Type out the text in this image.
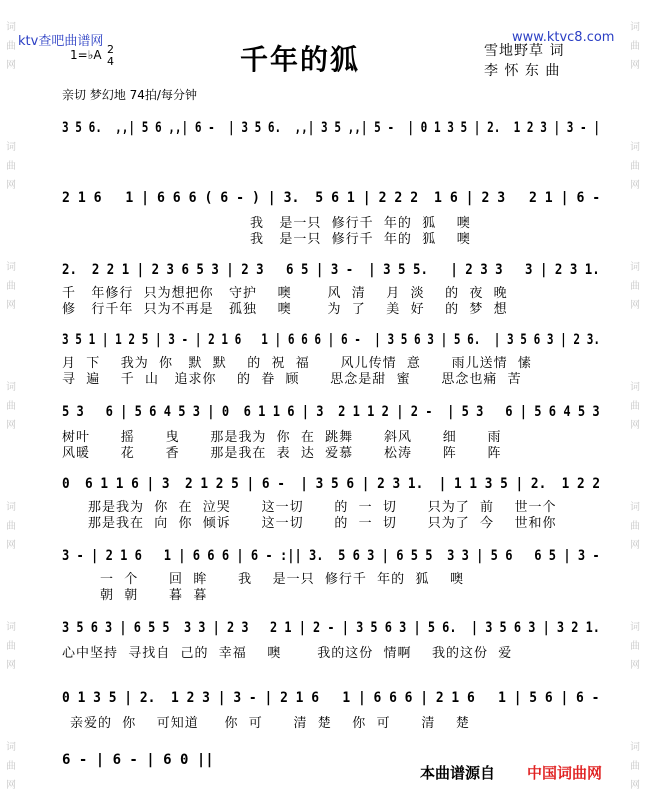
词曲网
词曲网
词曲网
词曲网
词曲网
词曲网
词曲网
词曲网
词曲网
词曲网
词曲网
词曲网
词曲网
词曲网
ktv查吧曲谱网	www.ktvc8.com
1=♭A 2
4	千年的狐	雪地野草 词
李 怀 东 曲
亲切 梦幻地 74拍/每分钟
3 5 6.  ,,| 5 6 ,,| 6 -  | 3 5 6.  ,,| 3 5 ,,| 5 -  | 0 1 3 5 | 2.  1 2 3 | 3 - |
2 1 6   1 | 6 6 6 ( 6 - ) | 3.  5 6 1 | 2 2 2  1 6 | 2 3   2 1 | 6 -
我   是一只  修行千  年的  狐    噢
我   是一只  修行千  年的  狐    噢
2.  2 2 1 | 2 3 6 5 3 | 2 3   6 5 | 3 -  | 3 5 5.   | 2 3 3   3 | 2 3 1.
千   年修行  只为想把你   守护    噢       风  清    月  淡    的  夜  晚
修   行千年  只为不再是   孤独    噢       为  了    美  好    的  梦  想
3 5 1 | 1 2 5 | 3 - | 2 1 6   1 | 6 6 6 | 6 -  | 3 5 6 3 | 5 6.  | 3 5 6 3 | 2 3.
月  下    我为  你   默  默    的  祝  福      风儿传情  意      雨儿送情  愫
寻  遍    千  山   追求你    的  眷  顾      思念是甜  蜜      思念也痛  苦
5 3   6 | 5 6 4 5 3 | 0  6 1 1 6 | 3  2 1 1 2 | 2 -  | 5 3   6 | 5 6 4 5 3
树叶      摇      曳      那是我为  你  在  跳舞      斜风      细      雨
风暖      花      香      那是我在  表  达  爱慕      松涛      阵      阵
0  6 1 1 6 | 3  2 1 2 5 | 6 -  | 3 5 6 | 2 3 1.  | 1 1 3 5 | 2.  1 2 2
那是我为  你  在  泣哭      这一切      的  一  切      只为了  前    世一个
那是我在  向  你  倾诉      这一切      的  一  切      只为了  今    世和你
3 - | 2 1 6   1 | 6 6 6 | 6 - :|| 3.  5 6 3 | 6 5 5  3 3 | 5 6   6 5 | 3 -
一  个      回  眸      我    是一只  修行千  年的  狐    噢
朝  朝      暮  暮
3 5 6 3 | 6 5 5  3 3 | 2 3   2 1 | 2 - | 3 5 6 3 | 5 6.  | 3 5 6 3 | 3 2 1.
心中坚持  寻找自  己的  幸福    噢       我的这份  情啊    我的这份  爱
0 1 3 5 | 2.  1 2 3 | 3 - | 2 1 6   1 | 6 6 6 | 2 1 6   1 | 5 6 | 6 -
亲爱的  你    可知道     你  可      清  楚    你  可      清    楚
6 - | 6 - | 6 0 ||
本曲谱源自 中国词曲网
